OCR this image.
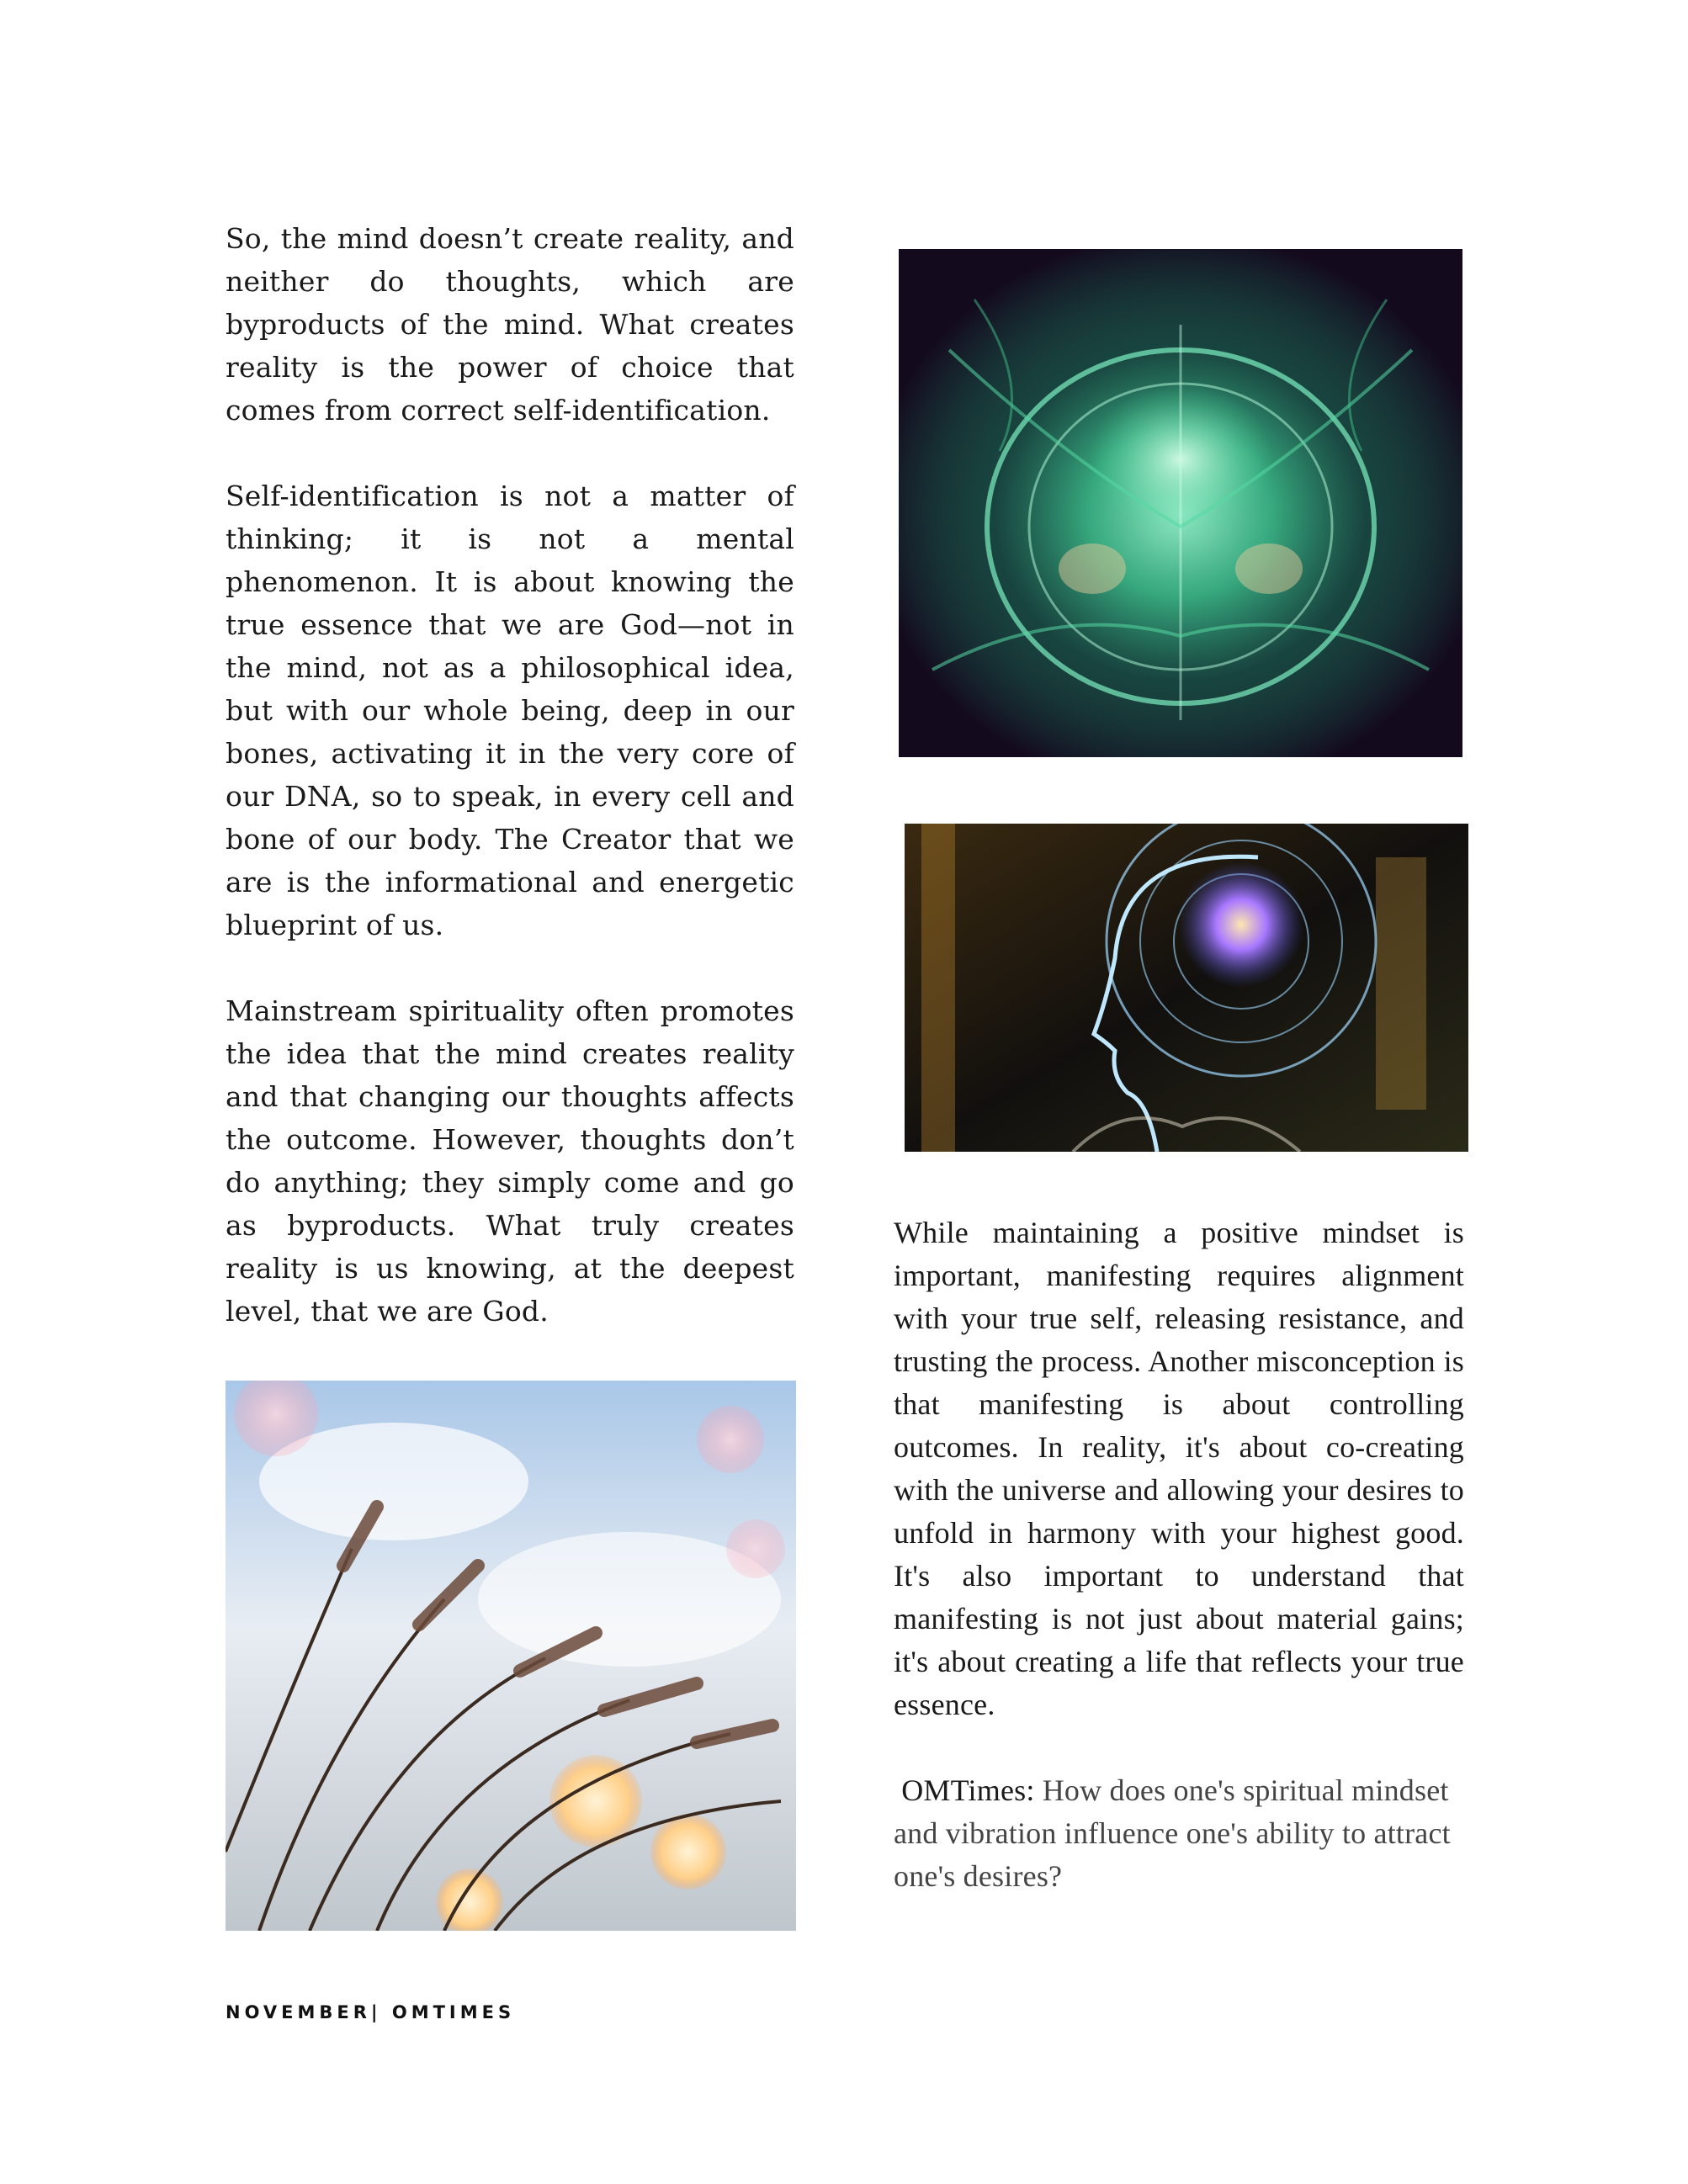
So, the mind doesn’t create reality, and neither do thoughts, which are byproducts of the mind. What creates reality is the power of choice that comes from correct self-identification.

Self-identification is not a matter of thinking; it is not a mental phenomenon. It is about knowing the true essence that we are God—not in the mind, not as a philosophical idea, but with our whole being, deep in our bones, activating it in the very core of our DNA, so to speak, in every cell and bone of our body. The Creator that we are is the informational and energetic blueprint of us.

Mainstream spirituality often promotes the idea that the mind creates reality and that changing our thoughts affects the outcome. However, thoughts don’t do anything; they simply come and go as byproducts. What truly creates reality is us knowing, at the deepest level, that we are God.

While maintaining a positive mindset is important, manifesting requires alignment with your true self, releasing resistance, and trusting the process. Another misconception is that manifesting is about controlling outcomes. In reality, it's about co-creating with the universe and allowing your desires to unfold in harmony with your highest good. It's also important to understand that manifesting is not just about material gains; it's about creating a life that reflects your true essence.

OMTimes: How does one's spiritual mindset and vibration influence one's ability to attract one's desires?

NOVEMBER| OMTIMES
